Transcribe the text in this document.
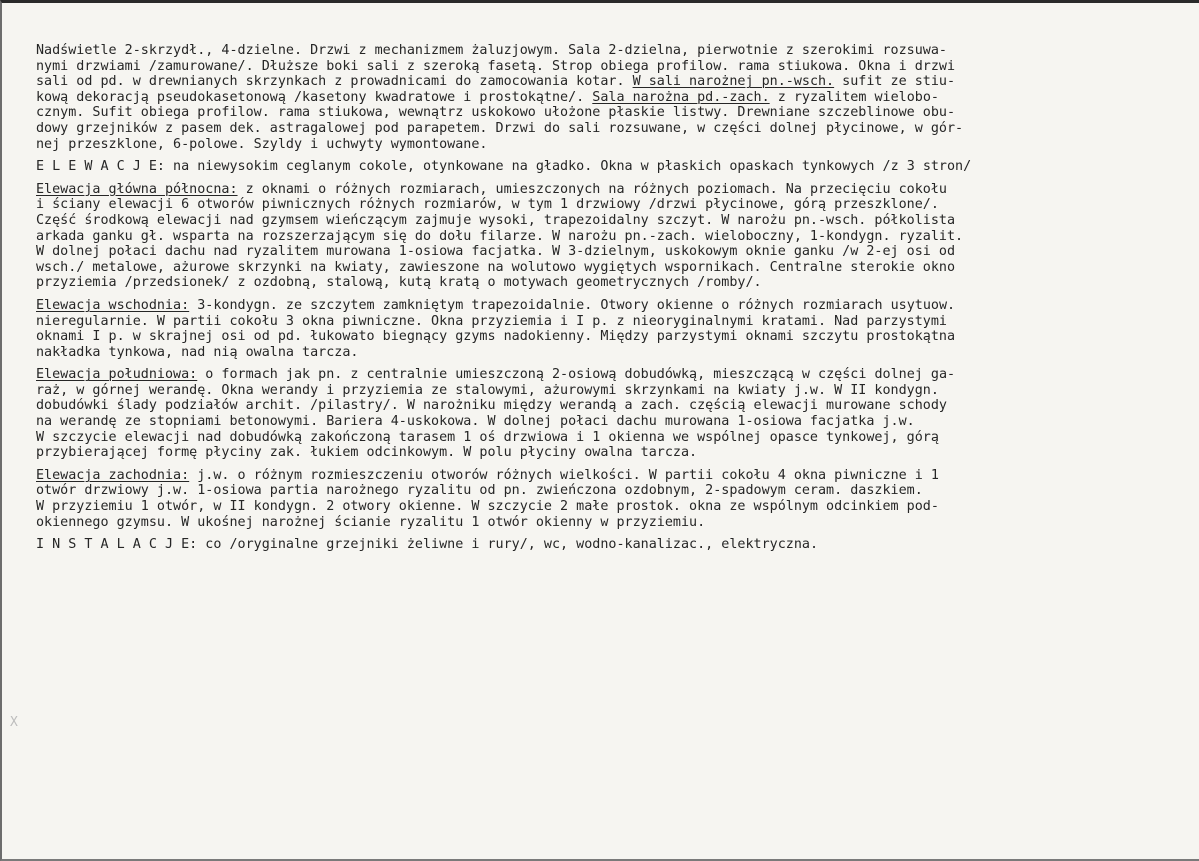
X
Nadświetle 2-skrzydł., 4-dzielne. Drzwi z mechanizmem żaluzjowym. Sala 2-dzielna, pierwotnie z szerokimi rozsuwa-
nymi drzwiami /zamurowane/. Dłuższe boki sali z szeroką fasetą. Strop obiega profilow. rama stiukowa. Okna i drzwi
sali od pd. w drewnianych skrzynkach z prowadnicami do zamocowania kotar. W sali narożnej pn.-wsch. sufit ze stiu-
kową dekoracją pseudokasetonową /kasetony kwadratowe i prostokątne/. Sala narożna pd.-zach. z ryzalitem wielobo-
cznym. Sufit obiega profilow. rama stiukowa, wewnątrz uskokowo ułożone płaskie listwy. Drewniane szczeblinowe obu-
dowy grzejników z pasem dek. astragalowej pod parapetem. Drzwi do sali rozsuwane, w części dolnej płycinowe, w gór-
nej przeszklone, 6-polowe. Szyldy i uchwyty wymontowane.
E L E W A C J E: na niewysokim ceglanym cokole, otynkowane na gładko. Okna w płaskich opaskach tynkowych /z 3 stron/
Elewacja główna północna: z oknami o różnych rozmiarach, umieszczonych na różnych poziomach. Na przecięciu cokołu
i ściany elewacji 6 otworów piwnicznych różnych rozmiarów, w tym 1 drzwiowy /drzwi płycinowe, górą przeszklone/.
Część środkową elewacji nad gzymsem wieńczącym zajmuje wysoki, trapezoidalny szczyt. W narożu pn.-wsch. półkolista
arkada ganku gł. wsparta na rozszerzającym się do dołu filarze. W narożu pn.-zach. wieloboczny, 1-kondygn. ryzalit.
W dolnej połaci dachu nad ryzalitem murowana 1-osiowa facjatka. W 3-dzielnym, uskokowym oknie ganku /w 2-ej osi od
wsch./ metalowe, ażurowe skrzynki na kwiaty, zawieszone na wolutowo wygiętych wspornikach. Centralne sterokie okno
przyziemia /przedsionek/ z ozdobną, stalową, kutą kratą o motywach geometrycznych /romby/.
Elewacja wschodnia: 3-kondygn. ze szczytem zamkniętym trapezoidalnie. Otwory okienne o różnych rozmiarach usytuow.
nieregularnie. W partii cokołu 3 okna piwniczne. Okna przyziemia i I p. z nieoryginalnymi kratami. Nad parzystymi
oknami I p. w skrajnej osi od pd. łukowato biegnący gzyms nadokienny. Między parzystymi oknami szczytu prostokątna
nakładka tynkowa, nad nią owalna tarcza.
Elewacja południowa: o formach jak pn. z centralnie umieszczoną 2-osiową dobudówką, mieszczącą w części dolnej ga-
raż, w górnej werandę. Okna werandy i przyziemia ze stalowymi, ażurowymi skrzynkami na kwiaty j.w. W II kondygn.
dobudówki ślady podziałów archit. /pilastry/. W narożniku między werandą a zach. częścią elewacji murowane schody
na werandę ze stopniami betonowymi. Bariera 4-uskokowa. W dolnej połaci dachu murowana 1-osiowa facjatka j.w.
W szczycie elewacji nad dobudówką zakończoną tarasem 1 oś drzwiowa i 1 okienna we wspólnej opasce tynkowej, górą
przybierającej formę płyciny zak. łukiem odcinkowym. W polu płyciny owalna tarcza.
Elewacja zachodnia: j.w. o różnym rozmieszczeniu otworów różnych wielkości. W partii cokołu 4 okna piwniczne i 1
otwór drzwiowy j.w. 1-osiowa partia narożnego ryzalitu od pn. zwieńczona ozdobnym, 2-spadowym ceram. daszkiem.
W przyziemiu 1 otwór, w II kondygn. 2 otwory okienne. W szczycie 2 małe prostok. okna ze wspólnym odcinkiem pod-
okiennego gzymsu. W ukośnej narożnej ścianie ryzalitu 1 otwór okienny w przyziemiu.
I N S T A L A C J E: co /oryginalne grzejniki żeliwne i rury/, wc, wodno-kanalizac., elektryczna.
